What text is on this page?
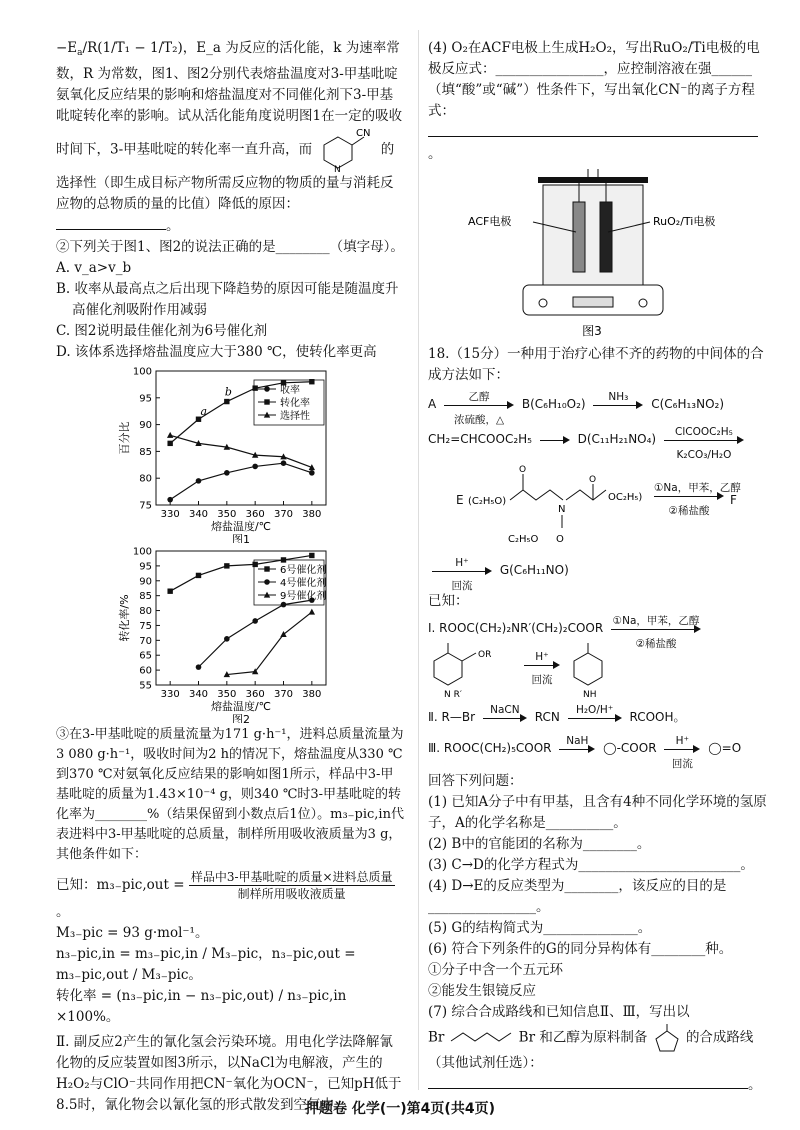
$-E_a/R(1/T_1 - 1/T_2)$，E_a 为反应的活化能，k 为速率常数，R 为常数，图1、图2分别代表熔盐温度对3-甲基吡啶氨氧化反应结果的影响和熔盐温度对不同催化剂下3-甲基吡啶转化率的影响。试从活化能角度说明图1在一定的吸收时间下，3-甲基吡啶的转化率一直升高，而
CN
N
的选择性（即生成目标产物所需反应物的物质的量与消耗反应物的总物质的量的比值）降低的原因：。

②下列关于图1、图2的说法正确的是________（填字母）。

A. v_a>v_b

B. 收率从最高点之后出现下降趋势的原因可能是随温度升高催化剂吸附作用减弱

C. 图2说明最佳催化剂为6号催化剂

D. 该体系选择熔盐温度应大于380 ℃，使转化率更高

75
80
85
90
95
100
330 340 350 360 370 380
熔盐温度/℃
百分比
图1
收率
转化率
选择性
a
b
55
60
65
70
75
80
85
90
95
100
330 340 350 360 370 380
熔盐温度/℃
转化率/%
图2
6号催化剂
4号催化剂
9号催化剂

③在3-甲基吡啶的质量流量为171 g·h⁻¹，进料总质量流量为3 080 g·h⁻¹，吸收时间为2 h的情况下，熔盐温度从330 ℃到370 ℃对氨氧化反应结果的影响如图1所示，样品中3-甲基吡啶的质量为1.43×10⁻⁴ g，则340 ℃时3-甲基吡啶的转化率为________%（结果保留到小数点后1位）。m₃₋pic,in代表进料中3-甲基吡啶的总质量，制样所用吸收液质量为3 g，其他条件如下：

已知：m₃₋pic,out = 样品中3-甲基吡啶的质量×进料总质量
制样所用吸收液质量
。

M₃₋pic = 93 g·mol⁻¹。

n₃₋pic,in = m₃₋pic,in / M₃₋pic，n₃₋pic,out = m₃₋pic,out / M₃₋pic。

转化率 = (n₃₋pic,in − n₃₋pic,out) / n₃₋pic,in ×100%。

Ⅱ. 副反应2产生的氰化氢会污染环境。用电化学法降解氰化物的反应装置如图3所示，以NaCl为电解液，产生的H₂O₂与ClO⁻共同作用把CN⁻氧化为OCN⁻，已知pH低于8.5时，氰化物会以氰化氢的形式散发到空气中。

(4) O₂在ACF电极上生成H₂O₂，写出RuO₂/Ti电极的电极反应式：________________，应控制溶液在强______（填“酸”或“碱”）性条件下，写出氧化CN⁻的离子方程式：

。

ACF电极	RuO₂/Ti电极
图3

18.（15分）一种用于治疗心律不齐的药物的中间体的合成方法如下：

A
乙醇
浓硫酸，△
B(C₆H₁₀O₂)
NH₃
C(C₆H₁₃NO₂)
CH₂=CHCOOC₂H₅	D(C₁₁H₂₁NO₄)
ClCOOC₂H₅
K₂CO₃/H₂O
E (C₂H₅O)
O
N
O
OC₂H₅)
C₂H₅O O
①Na，甲苯，乙醇
②稀盐酸
F
H⁺
回流
G(C₆H₁₁NO)

已知：

Ⅰ. ROOC(CH₂)₂NR′(CH₂)₂COOR
①Na，甲苯，乙醇
②稀盐酸
OR
N R′
H⁺
回流
NH
Ⅱ. R—Br
NaCN
RCN
H₂O/H⁺
RCOOH。
Ⅲ. ROOC(CH₂)₅COOR
NaH
◯‑COOR
H⁺
回流
◯=O

回答下列问题：

(1) 已知A分子中有甲基，且含有4种不同化学环境的氢原子，A的化学名称是__________。

(2) B中的官能团的名称为________。

(3) C→D的化学方程式为________________________。

(4) D→E的反应类型为________，该反应的目的是________________。

(5) G的结构简式为______________。

(6) 符合下列条件的G的同分异构体有________种。

①分子中含一个五元环

②能发生银镜反应

(7) 综合合成路线和已知信息Ⅱ、Ⅲ，写出以

Br	Br 和乙醇为原料制备	的合成路线（其他试剂任选）：

。

押题卷 化学(一)第4页(共4页)
